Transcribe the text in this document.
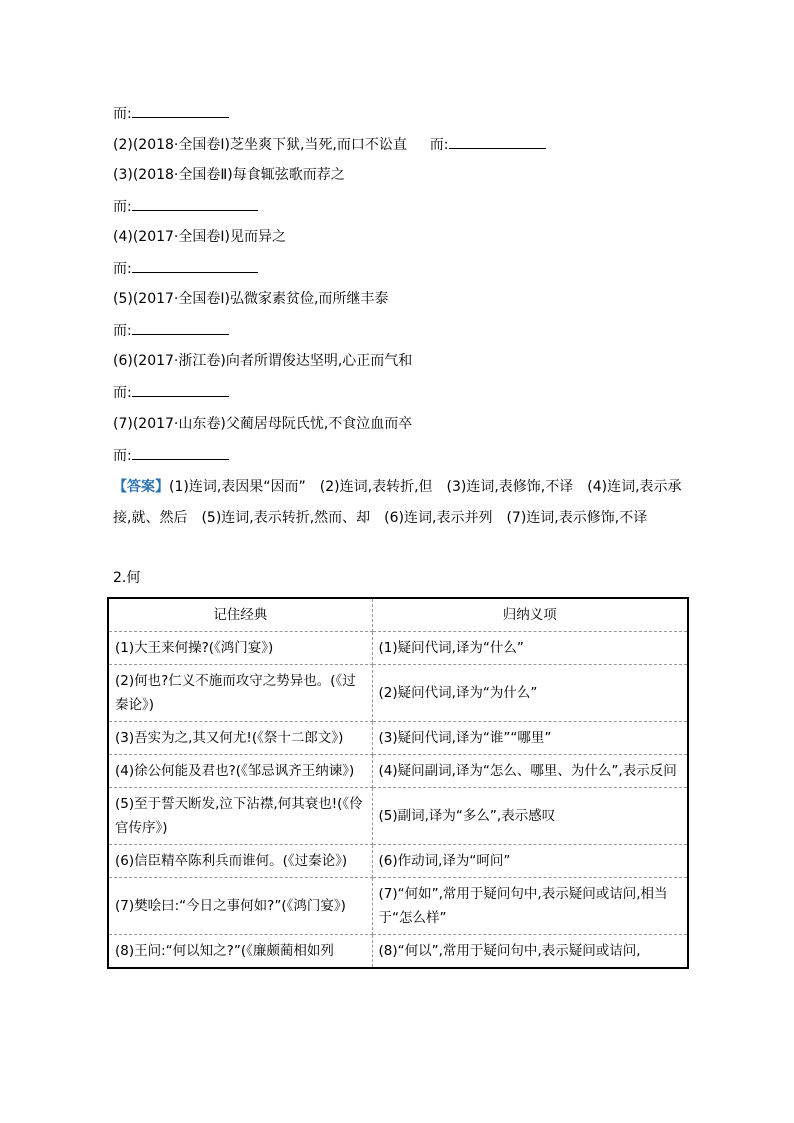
而:
(2)(2018·全国卷Ⅰ)芝坐爽下狱,当死,而口不讼直 而:
(3)(2018·全国卷Ⅱ)每食辄弦歌而荐之
而:
(4)(2017·全国卷Ⅰ)见而异之
而:
(5)(2017·全国卷Ⅰ)弘微家素贫俭,而所继丰泰
而:
(6)(2017·浙江卷)向者所谓俊达坚明,心正而气和
而:
(7)(2017·山东卷)父蔺居母阮氏忧,不食泣血而卒
而:
【答案】(1)连词,表因果“因而”　(2)连词,表转折,但　(3)连词,表修饰,不译　(4)连词,表示承接,就、然后　(5)连词,表示转折,然而、却　(6)连词,表示并列　(7)连词,表示修饰,不译
2.何
记住经典	归纳义项
(1)大王来何操?(《鸿门宴》)	(1)疑问代词,译为“什么”
(2)何也?仁义不施而攻守之势异也。(《过秦论》)	(2)疑问代词,译为“为什么”
(3)吾实为之,其又何尤!(《祭十二郎文》)	(3)疑问代词,译为“谁”“哪里”
(4)徐公何能及君也?(《邹忌讽齐王纳谏》)	(4)疑问副词,译为“怎么、哪里、为什么”,表示反问
(5)至于誓天断发,泣下沾襟,何其衰也!(《伶官传序》)	(5)副词,译为“多么”,表示感叹
(6)信臣精卒陈利兵而谁何。(《过秦论》)	(6)作动词,译为“呵问”
(7)樊哙曰:“今日之事何如?”(《鸿门宴》)	(7)“何如”,常用于疑问句中,表示疑问或诘问,相当于“怎么样”
(8)王问:“何以知之?”(《廉颇蔺相如列	(8)“何以”,常用于疑问句中,表示疑问或诘问,
